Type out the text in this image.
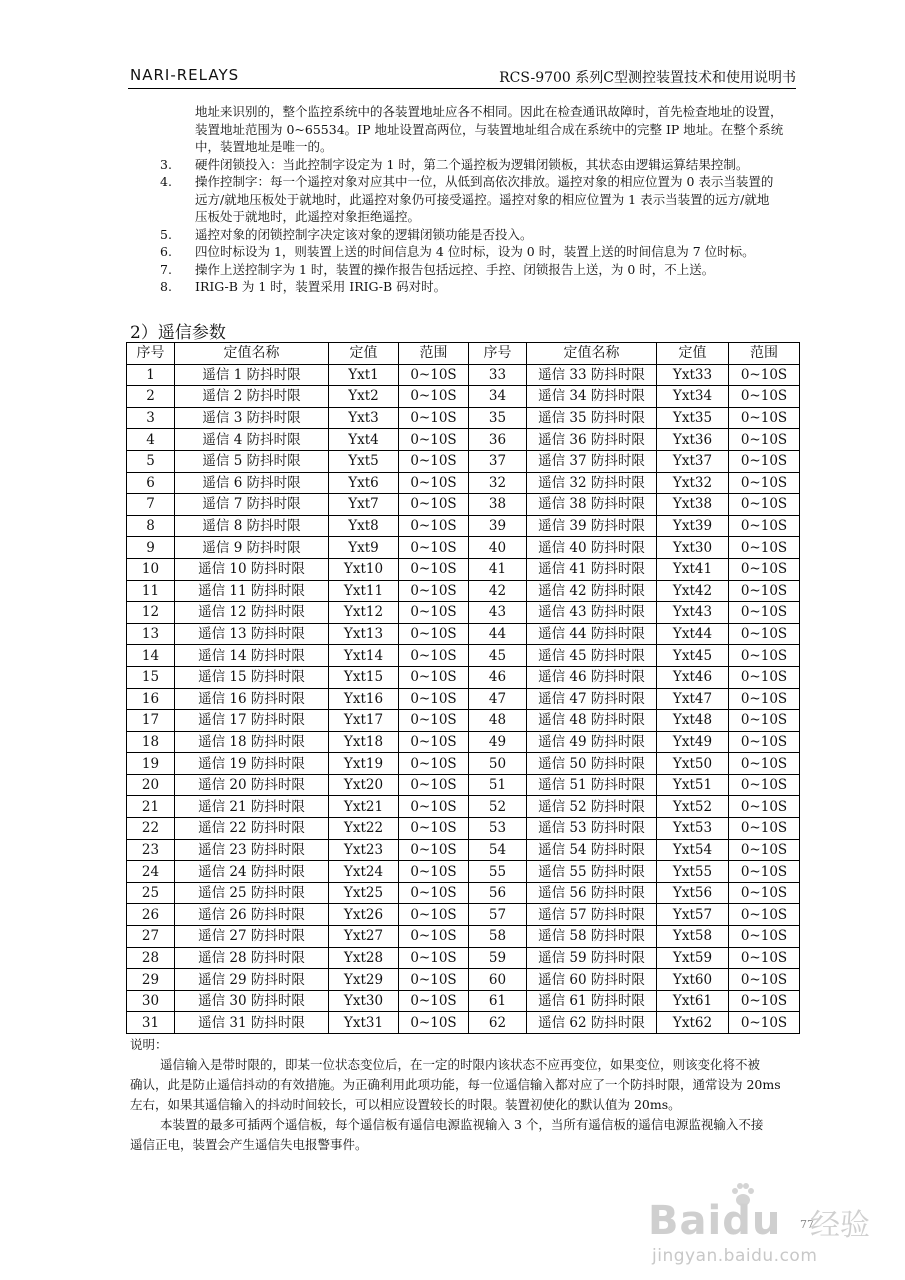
NARI-RELAYS	RCS-9700 系列C型测控装置技术和使用说明书
地址来识别的，整个监控系统中的各装置地址应各不相同。因此在检查通讯故障时，首先检查地址的设置，
装置地址范围为 0~65534。IP 地址设置高两位，与装置地址组合成在系统中的完整 IP 地址。在整个系统
中，装置地址是唯一的。
3.	硬件闭锁投入：当此控制字设定为 1 时，第二个遥控板为逻辑闭锁板，其状态由逻辑运算结果控制。
4.	操作控制字：每一个遥控对象对应其中一位，从低到高依次排放。遥控对象的相应位置为 0 表示当装置的
远方/就地压板处于就地时，此遥控对象仍可接受遥控。遥控对象的相应位置为 1 表示当装置的远方/就地
压板处于就地时，此遥控对象拒绝遥控。
5.	遥控对象的闭锁控制字决定该对象的逻辑闭锁功能是否投入。
6.	四位时标设为 1，则装置上送的时间信息为 4 位时标，设为 0 时，装置上送的时间信息为 7 位时标。
7.	操作上送控制字为 1 时，装置的操作报告包括远控、手控、闭锁报告上送，为 0 时，不上送。
8.	IRIG-B 为 1 时，装置采用 IRIG-B 码对时。
2）遥信参数
序号	定值名称	定值	范围	序号	定值名称	定值	范围
1	遥信 1 防抖时限	Yxt1	0~10S	33	遥信 33 防抖时限	Yxt33	0~10S
2	遥信 2 防抖时限	Yxt2	0~10S	34	遥信 34 防抖时限	Yxt34	0~10S
3	遥信 3 防抖时限	Yxt3	0~10S	35	遥信 35 防抖时限	Yxt35	0~10S
4	遥信 4 防抖时限	Yxt4	0~10S	36	遥信 36 防抖时限	Yxt36	0~10S
5	遥信 5 防抖时限	Yxt5	0~10S	37	遥信 37 防抖时限	Yxt37	0~10S
6	遥信 6 防抖时限	Yxt6	0~10S	32	遥信 32 防抖时限	Yxt32	0~10S
7	遥信 7 防抖时限	Yxt7	0~10S	38	遥信 38 防抖时限	Yxt38	0~10S
8	遥信 8 防抖时限	Yxt8	0~10S	39	遥信 39 防抖时限	Yxt39	0~10S
9	遥信 9 防抖时限	Yxt9	0~10S	40	遥信 40 防抖时限	Yxt30	0~10S
10	遥信 10 防抖时限	Yxt10	0~10S	41	遥信 41 防抖时限	Yxt41	0~10S
11	遥信 11 防抖时限	Yxt11	0~10S	42	遥信 42 防抖时限	Yxt42	0~10S
12	遥信 12 防抖时限	Yxt12	0~10S	43	遥信 43 防抖时限	Yxt43	0~10S
13	遥信 13 防抖时限	Yxt13	0~10S	44	遥信 44 防抖时限	Yxt44	0~10S
14	遥信 14 防抖时限	Yxt14	0~10S	45	遥信 45 防抖时限	Yxt45	0~10S
15	遥信 15 防抖时限	Yxt15	0~10S	46	遥信 46 防抖时限	Yxt46	0~10S
16	遥信 16 防抖时限	Yxt16	0~10S	47	遥信 47 防抖时限	Yxt47	0~10S
17	遥信 17 防抖时限	Yxt17	0~10S	48	遥信 48 防抖时限	Yxt48	0~10S
18	遥信 18 防抖时限	Yxt18	0~10S	49	遥信 49 防抖时限	Yxt49	0~10S
19	遥信 19 防抖时限	Yxt19	0~10S	50	遥信 50 防抖时限	Yxt50	0~10S
20	遥信 20 防抖时限	Yxt20	0~10S	51	遥信 51 防抖时限	Yxt51	0~10S
21	遥信 21 防抖时限	Yxt21	0~10S	52	遥信 52 防抖时限	Yxt52	0~10S
22	遥信 22 防抖时限	Yxt22	0~10S	53	遥信 53 防抖时限	Yxt53	0~10S
23	遥信 23 防抖时限	Yxt23	0~10S	54	遥信 54 防抖时限	Yxt54	0~10S
24	遥信 24 防抖时限	Yxt24	0~10S	55	遥信 55 防抖时限	Yxt55	0~10S
25	遥信 25 防抖时限	Yxt25	0~10S	56	遥信 56 防抖时限	Yxt56	0~10S
26	遥信 26 防抖时限	Yxt26	0~10S	57	遥信 57 防抖时限	Yxt57	0~10S
27	遥信 27 防抖时限	Yxt27	0~10S	58	遥信 58 防抖时限	Yxt58	0~10S
28	遥信 28 防抖时限	Yxt28	0~10S	59	遥信 59 防抖时限	Yxt59	0~10S
29	遥信 29 防抖时限	Yxt29	0~10S	60	遥信 60 防抖时限	Yxt60	0~10S
30	遥信 30 防抖时限	Yxt30	0~10S	61	遥信 61 防抖时限	Yxt61	0~10S
31	遥信 31 防抖时限	Yxt31	0~10S	62	遥信 62 防抖时限	Yxt62	0~10S

说明：

遥信输入是带时限的，即某一位状态变位后，在一定的时限内该状态不应再变位，如果变位，则该变化将不被

确认，此是防止遥信抖动的有效措施。为正确利用此项功能，每一位遥信输入都对应了一个防抖时限，通常设为 20ms

左右，如果其遥信输入的抖动时间较长，可以相应设置较长的时限。装置初使化的默认值为 20ms。

本装置的最多可插两个遥信板，每个遥信板有遥信电源监视输入 3 个，当所有遥信板的遥信电源监视输入不接

遥信正电，装置会产生遥信失电报警事件。

77
Baidu 经验
jingyan.baidu.com
